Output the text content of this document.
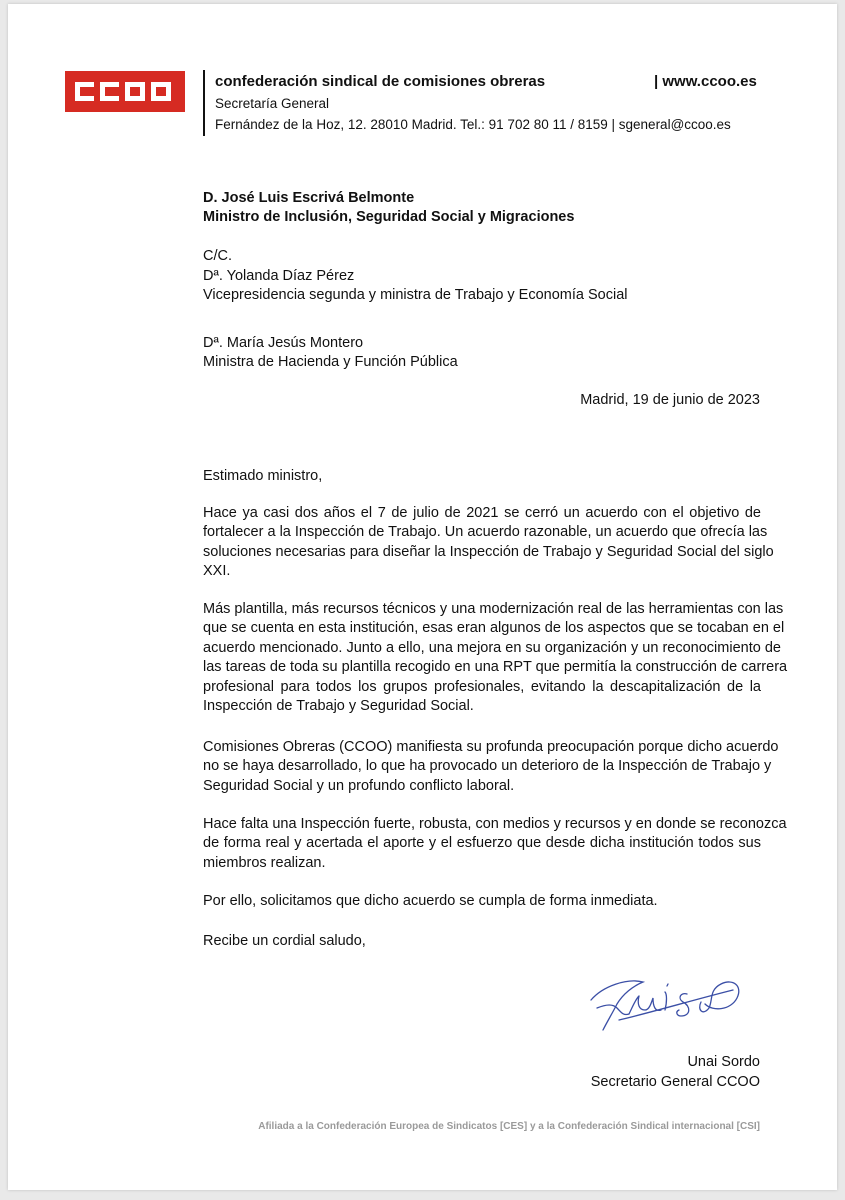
confederación sindical de comisiones obreras	| www.ccoo.es
Secretaría General
Fernández de la Hoz, 12. 28010 Madrid. Tel.: 91 702 80 11 / 8159 | sgeneral@ccoo.es
D. José Luis Escrivá Belmonte
Ministro de Inclusión, Seguridad Social y Migraciones
C/C.
Dª. Yolanda Díaz Pérez
Vicepresidencia segunda y ministra de Trabajo y Economía Social
Dª. María Jesús Montero
Ministra de Hacienda y Función Pública
Madrid, 19 de junio de 2023
Estimado ministro,
Hace ya casi dos años el 7 de julio de 2021 se cerró un acuerdo con el objetivo de
fortalecer a la Inspección de Trabajo. Un acuerdo razonable, un acuerdo que ofrecía las
soluciones necesarias para diseñar la Inspección de Trabajo y Seguridad Social del siglo
XXI.
Más plantilla, más recursos técnicos y una modernización real de las herramientas con las
que se cuenta en esta institución, esas eran algunos de los aspectos que se tocaban en el
acuerdo mencionado. Junto a ello, una mejora en su organización y un reconocimiento de
las tareas de toda su plantilla recogido en una RPT que permitía la construcción de carrera
profesional para todos los grupos profesionales, evitando la descapitalización de la
Inspección de Trabajo y Seguridad Social.
Comisiones Obreras (CCOO) manifiesta su profunda preocupación porque dicho acuerdo
no se haya desarrollado, lo que ha provocado un deterioro de la Inspección de Trabajo y
Seguridad Social y un profundo conflicto laboral.
Hace falta una Inspección fuerte, robusta, con medios y recursos y en donde se reconozca
de forma real y acertada el aporte y el esfuerzo que desde dicha institución todos sus
miembros realizan.
Por ello, solicitamos que dicho acuerdo se cumpla de forma inmediata.
Recibe un cordial saludo,
Unai Sordo
Secretario General CCOO
Afiliada a la Confederación Europea de Sindicatos [CES] y a la Confederación Sindical internacional [CSI]
